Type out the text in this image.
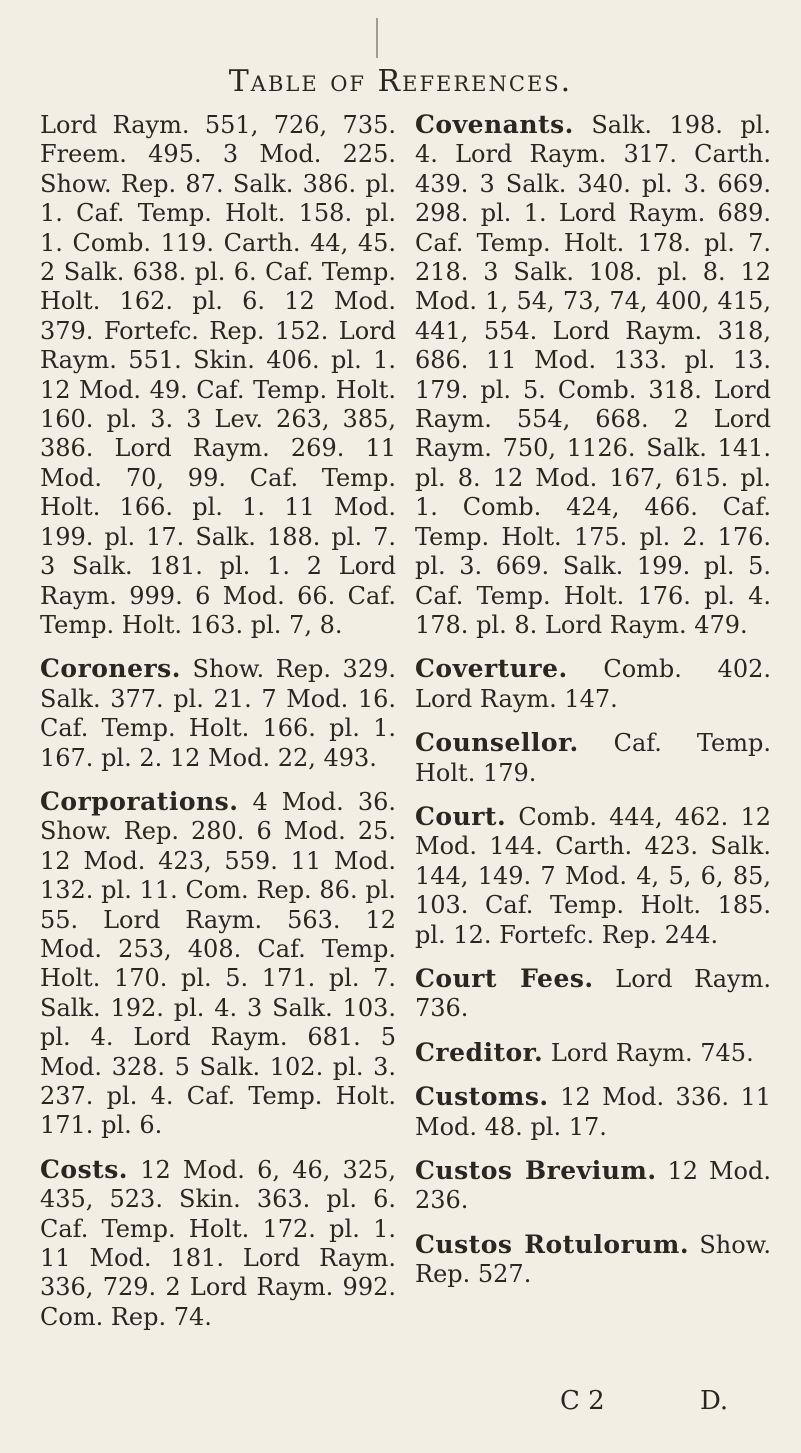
Table of References.

Lord Raym. 551, 726, 735. Freem. 495. 3 Mod. 225. Show. Rep. 87. Salk. 386. pl. 1. Caf. Temp. Holt. 158. pl. 1. Comb. 119. Carth. 44, 45. 2 Salk. 638. pl. 6. Caf. Temp. Holt. 162. pl. 6. 12 Mod. 379. Fortefc. Rep. 152. Lord Raym. 551. Skin. 406. pl. 1. 12 Mod. 49. Caf. Temp. Holt. 160. pl. 3. 3 Lev. 263, 385, 386. Lord Raym. 269. 11 Mod. 70, 99. Caf. Temp. Holt. 166. pl. 1. 11 Mod. 199. pl. 17. Salk. 188. pl. 7. 3 Salk. 181. pl. 1. 2 Lord Raym. 999. 6 Mod. 66. Caf. Temp. Holt. 163. pl. 7, 8.

Coroners. Show. Rep. 329. Salk. 377. pl. 21. 7 Mod. 16. Caf. Temp. Holt. 166. pl. 1. 167. pl. 2. 12 Mod. 22, 493.

Corporations. 4 Mod. 36. Show. Rep. 280. 6 Mod. 25. 12 Mod. 423, 559. 11 Mod. 132. pl. 11. Com. Rep. 86. pl. 55. Lord Raym. 563. 12 Mod. 253, 408. Caf. Temp. Holt. 170. pl. 5. 171. pl. 7. Salk. 192. pl. 4. 3 Salk. 103. pl. 4. Lord Raym. 681. 5 Mod. 328. 5 Salk. 102. pl. 3. 237. pl. 4. Caf. Temp. Holt. 171. pl. 6.

Costs. 12 Mod. 6, 46, 325, 435, 523. Skin. 363. pl. 6. Caf. Temp. Holt. 172. pl. 1. 11 Mod. 181. Lord Raym. 336, 729. 2 Lord Raym. 992. Com. Rep. 74.

Covenants. Salk. 198. pl. 4. Lord Raym. 317. Carth. 439. 3 Salk. 340. pl. 3. 669. 298. pl. 1. Lord Raym. 689. Caf. Temp. Holt. 178. pl. 7. 218. 3 Salk. 108. pl. 8. 12 Mod. 1, 54, 73, 74, 400, 415, 441, 554. Lord Raym. 318, 686. 11 Mod. 133. pl. 13. 179. pl. 5. Comb. 318. Lord Raym. 554, 668. 2 Lord Raym. 750, 1126. Salk. 141. pl. 8. 12 Mod. 167, 615. pl. 1. Comb. 424, 466. Caf. Temp. Holt. 175. pl. 2. 176. pl. 3. 669. Salk. 199. pl. 5. Caf. Temp. Holt. 176. pl. 4. 178. pl. 8. Lord Raym. 479.

Coverture. Comb. 402. Lord Raym. 147.

Counsellor. Caf. Temp. Holt. 179.

Court. Comb. 444, 462. 12 Mod. 144. Carth. 423. Salk. 144, 149. 7 Mod. 4, 5, 6, 85, 103. Caf. Temp. Holt. 185. pl. 12. Fortefc. Rep. 244.

Court Fees. Lord Raym. 736.

Creditor. Lord Raym. 745.

Customs. 12 Mod. 336. 11 Mod. 48. pl. 17.

Custos Brevium. 12 Mod. 236.

Custos Rotulorum. Show. Rep. 527.

C 2	D.
